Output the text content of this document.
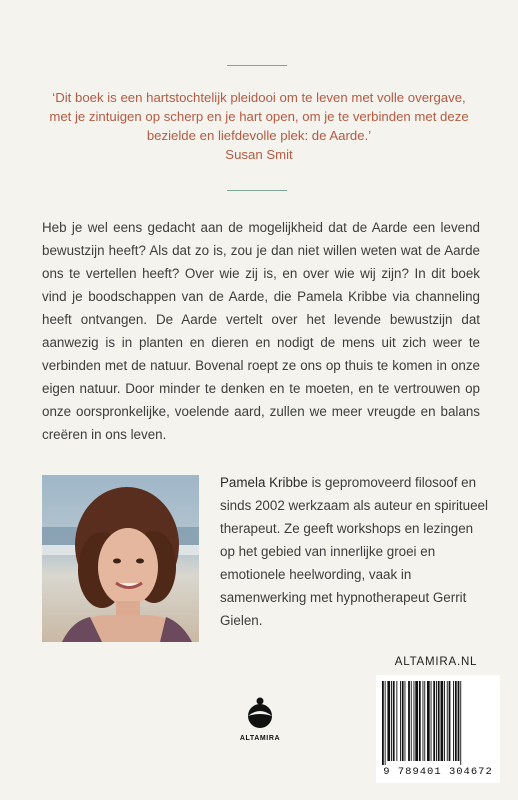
‘Dit boek is een hartstochtelijk pleidooi om te leven met volle overgave, met je zintuigen op scherp en je hart open, om je te verbinden met deze bezielde en liefdevolle plek: de Aarde.’
Susan Smit
Heb je wel eens gedacht aan de mogelijkheid dat de Aarde een levend bewustzijn heeft? Als dat zo is, zou je dan niet willen weten wat de Aarde ons te vertellen heeft? Over wie zij is, en over wie wij zijn? In dit boek vind je boodschappen van de Aarde, die Pamela Kribbe via channeling heeft ontvangen. De Aarde vertelt over het levende bewustzijn dat aanwezig is in planten en dieren en nodigt de mens uit zich weer te verbinden met de natuur. Bovenal roept ze ons op thuis te komen in onze eigen natuur. Door minder te denken en te moeten, en te vertrouwen op onze oorspronkelijke, voelende aard, zullen we meer vreugde en balans creëren in ons leven.
Pamela Kribbe is gepromoveerd filosoof en sinds 2002 werkzaam als auteur en spiritueel therapeut. Ze geeft workshops en lezingen op het gebied van innerlijke groei en emotionele heelwording, vaak in samenwerking met hypnotherapeut Gerrit Gielen.
ALTAMIRA
ALTAMIRA.NL
9 789401 304672
